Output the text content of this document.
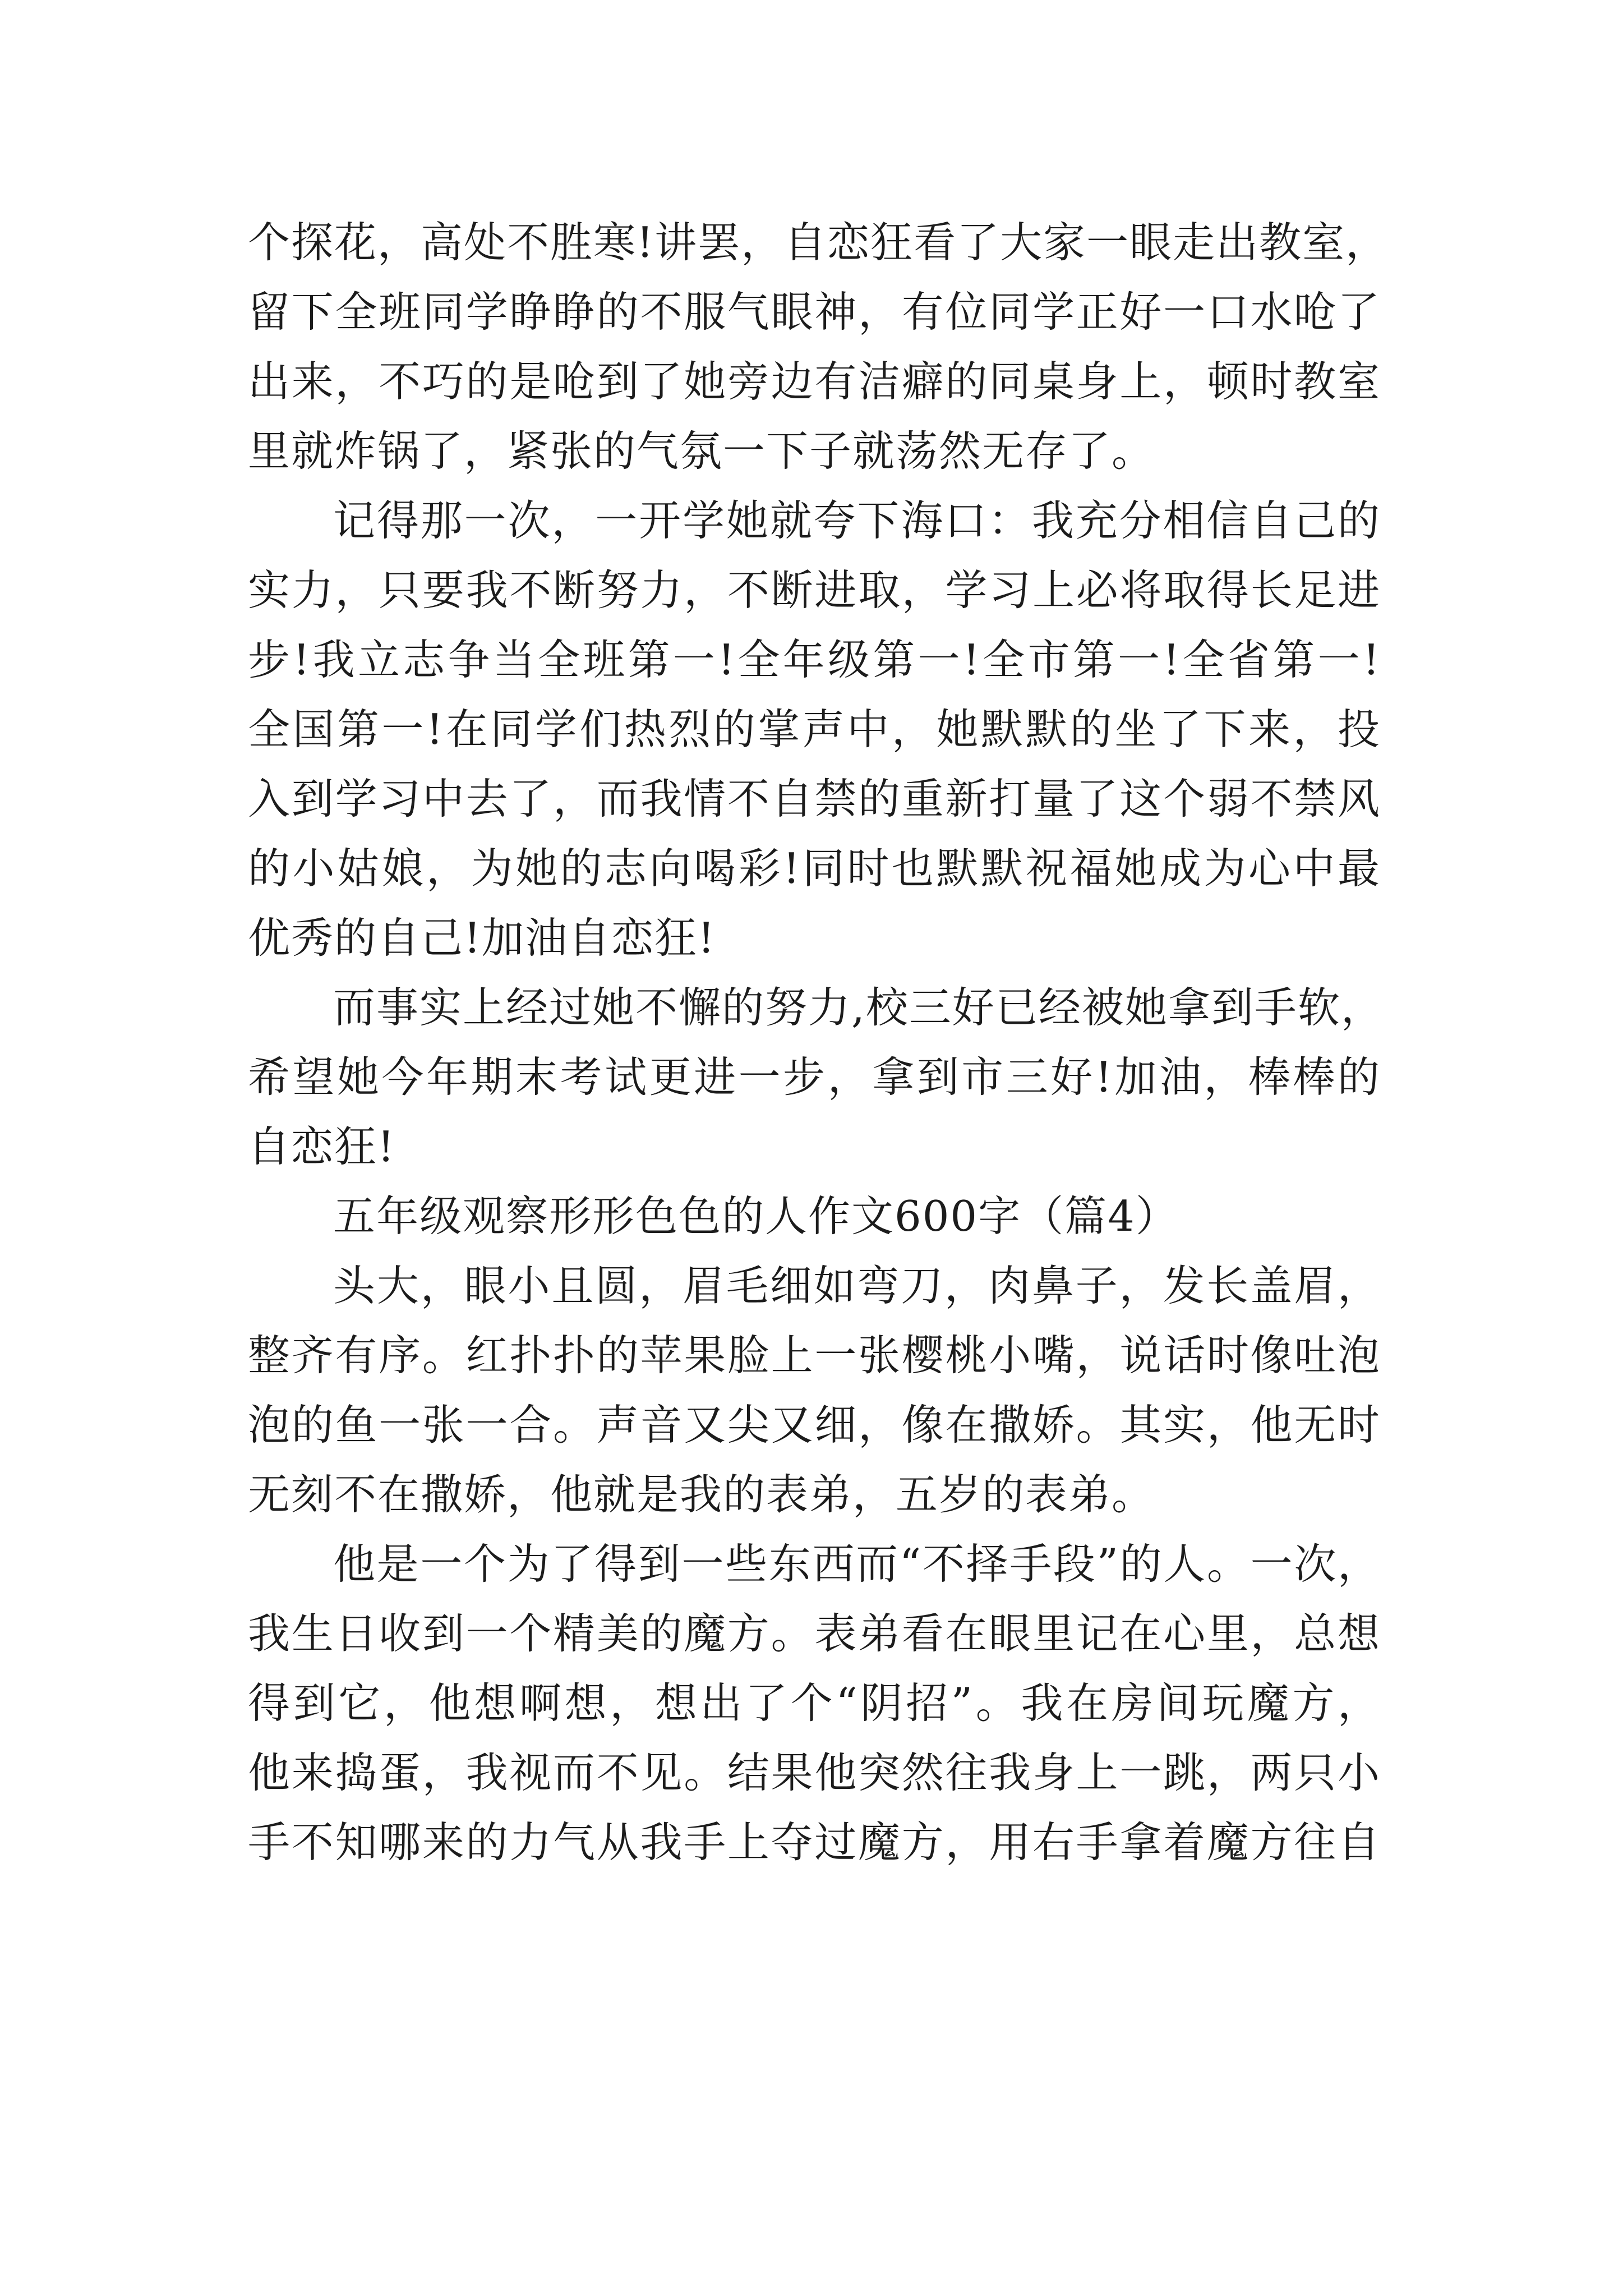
个探花，高处不胜寒!讲罢，自恋狂看了大家一眼走出教室，
留下全班同学睁睁的不服气眼神，有位同学正好一口水呛了
出来，不巧的是呛到了她旁边有洁癖的同桌身上，顿时教室
里就炸锅了，紧张的气氛一下子就荡然无存了。
记得那一次，一开学她就夸下海口：我充分相信自己的
实力，只要我不断努力，不断进取，学习上必将取得长足进
步!我立志争当全班第一!全年级第一!全市第一!全省第一!
全国第一!在同学们热烈的掌声中，她默默的坐了下来，投
入到学习中去了，而我情不自禁的重新打量了这个弱不禁风
的小姑娘，为她的志向喝彩!同时也默默祝福她成为心中最
优秀的自己!加油自恋狂!
而事实上经过她不懈的努力,校三好已经被她拿到手软，
希望她今年期末考试更进一步，拿到市三好!加油，棒棒的
自恋狂!
五年级观察形形色色的人作文600字（篇4）
头大，眼小且圆，眉毛细如弯刀，肉鼻子，发长盖眉，
整齐有序。红扑扑的苹果脸上一张樱桃小嘴，说话时像吐泡
泡的鱼一张一合。声音又尖又细，像在撒娇。其实，他无时
无刻不在撒娇，他就是我的表弟，五岁的表弟。
他是一个为了得到一些东西而“不择手段”的人。一次，
我生日收到一个精美的魔方。表弟看在眼里记在心里，总想
得到它，他想啊想，想出了个“阴招”。我在房间玩魔方，
他来捣蛋，我视而不见。结果他突然往我身上一跳，两只小
手不知哪来的力气从我手上夺过魔方，用右手拿着魔方往自
